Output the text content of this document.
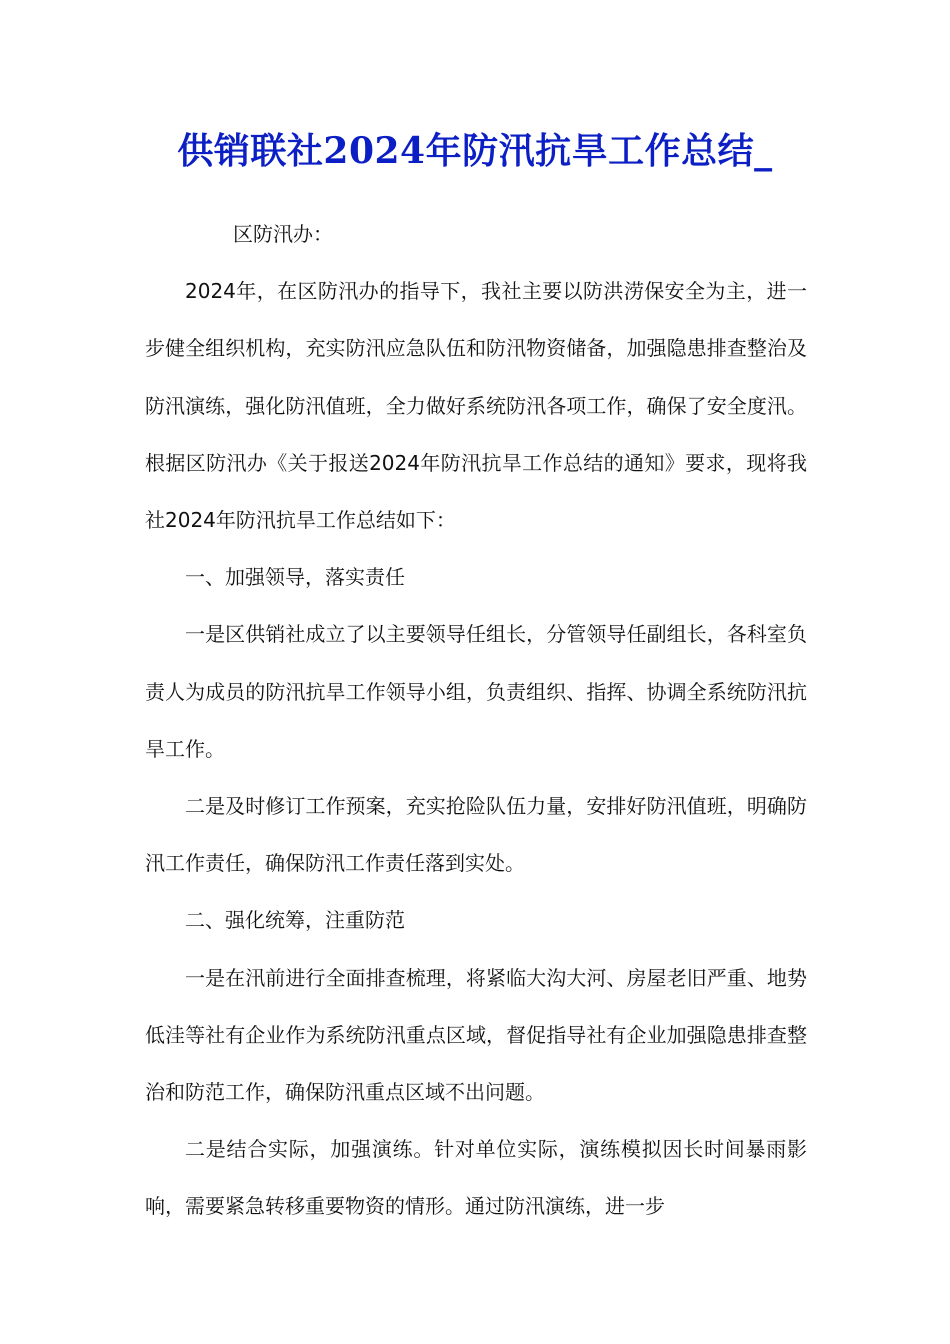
供销联社2024年防汛抗旱工作总结_

区防汛办：

2024年，在区防汛办的指导下，我社主要以防洪涝保安全为主，进一步健全组织机构，充实防汛应急队伍和防汛物资储备，加强隐患排查整治及防汛演练，强化防汛值班，全力做好系统防汛各项工作，确保了安全度汛。根据区防汛办《关于报送2024年防汛抗旱工作总结的通知》要求，现将我社2024年防汛抗旱工作总结如下：

一、加强领导，落实责任

一是区供销社成立了以主要领导任组长，分管领导任副组长，各科室负责人为成员的防汛抗旱工作领导小组，负责组织、指挥、协调全系统防汛抗旱工作。

二是及时修订工作预案，充实抢险队伍力量，安排好防汛值班，明确防汛工作责任，确保防汛工作责任落到实处。

二、强化统筹，注重防范

一是在汛前进行全面排查梳理，将紧临大沟大河、房屋老旧严重、地势低洼等社有企业作为系统防汛重点区域，督促指导社有企业加强隐患排查整治和防范工作，确保防汛重点区域不出问题。

二是结合实际，加强演练。针对单位实际，演练模拟因长时间暴雨影响，需要紧急转移重要物资的情形。通过防汛演练，进一步
